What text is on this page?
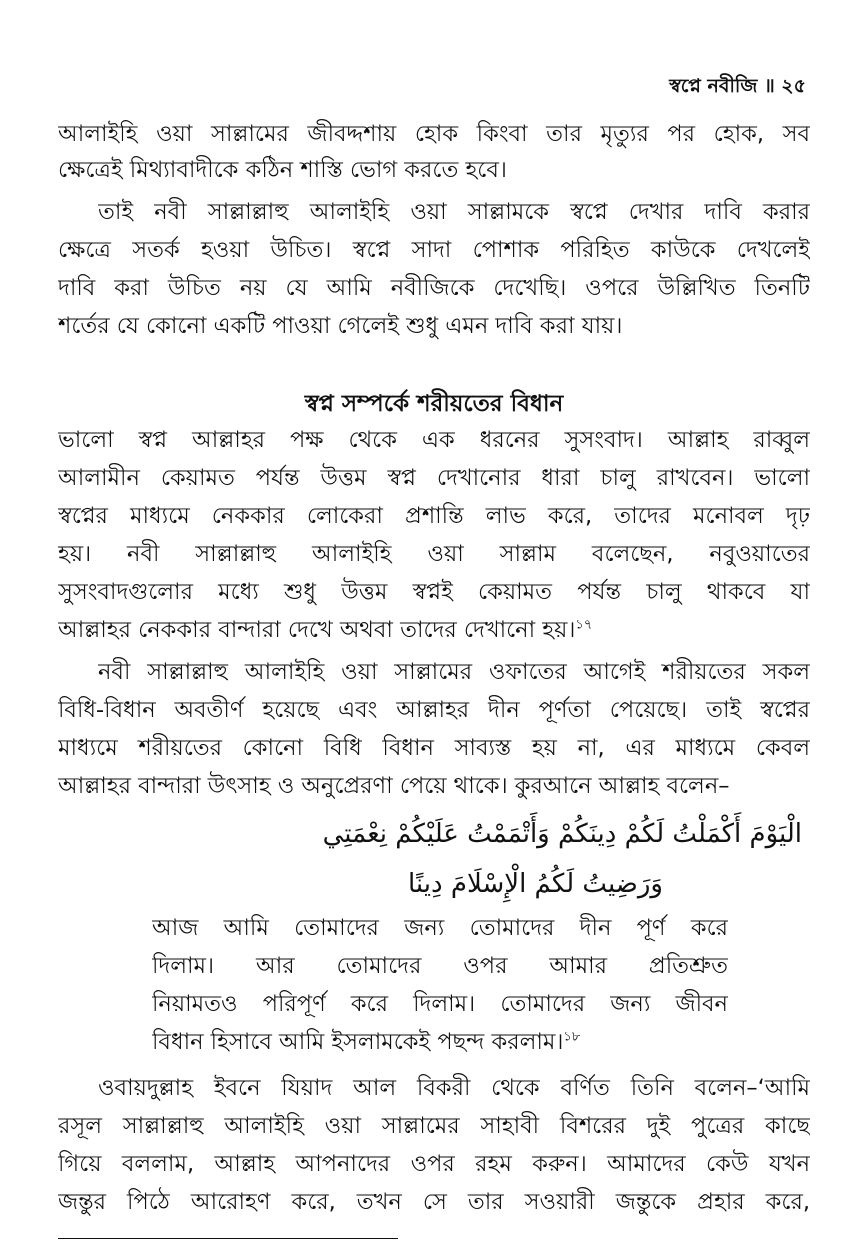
স্বপ্নে নবীজি ॥ ২৫
আলাইহি ওয়া সাল্লামের জীবদ্দশায় হোক কিংবা তার মৃত্যুর পর হোক, সব
ক্ষেত্রেই মিথ্যাবাদীকে কঠিন শাস্তি ভোগ করতে হবে।
তাই নবী সাল্লাল্লাহু আলাইহি ওয়া সাল্লামকে স্বপ্নে দেখার দাবি করার
ক্ষেত্রে সতর্ক হওয়া উচিত। স্বপ্নে সাদা পোশাক পরিহিত কাউকে দেখলেই
দাবি করা উচিত নয় যে আমি নবীজিকে দেখেছি। ওপরে উল্লিখিত তিনটি
শর্তের যে কোনো একটি পাওয়া গেলেই শুধু এমন দাবি করা যায়।
স্বপ্ন সম্পর্কে শরীয়তের বিধান
ভালো স্বপ্ন আল্লাহর পক্ষ থেকে এক ধরনের সুসংবাদ। আল্লাহ রাব্বুল
আলামীন কেয়ামত পর্যন্ত উত্তম স্বপ্ন দেখানোর ধারা চালু রাখবেন। ভালো
স্বপ্নের মাধ্যমে নেককার লোকেরা প্রশান্তি লাভ করে, তাদের মনোবল দৃঢ়
হয়। নবী সাল্লাল্লাহু আলাইহি ওয়া সাল্লাম বলেছেন, নবুওয়াতের
সুসংবাদগুলোর মধ্যে শুধু উত্তম স্বপ্নই কেয়ামত পর্যন্ত চালু থাকবে যা
আল্লাহর নেককার বান্দারা দেখে অথবা তাদের দেখানো হয়।$^{১৭}$
নবী সাল্লাল্লাহু আলাইহি ওয়া সাল্লামের ওফাতের আগেই শরীয়তের সকল
বিধি-বিধান অবতীর্ণ হয়েছে এবং আল্লাহর দীন পূর্ণতা পেয়েছে। তাই স্বপ্নের
মাধ্যমে শরীয়তের কোনো বিধি বিধান সাব্যস্ত হয় না, এর মাধ্যমে কেবল
আল্লাহর বান্দারা উৎসাহ ও অনুপ্রেরণা পেয়ে থাকে। কুরআনে আল্লাহ বলেন–
الْيَوْمَ أَكْمَلْتُ لَكُمْ دِينَكُمْ وَأَتْمَمْتُ عَلَيْكُمْ نِعْمَتِي
وَرَضِيتُ لَكُمُ الْإِسْلَامَ دِينًا
আজ আমি তোমাদের জন্য তোমাদের দীন পূর্ণ করে
দিলাম। আর তোমাদের ওপর আমার প্রতিশ্রুত
নিয়ামতও পরিপূর্ণ করে দিলাম। তোমাদের জন্য জীবন
বিধান হিসাবে আমি ইসলামকেই পছন্দ করলাম।$^{১৮}$
ওবায়দুল্লাহ ইবনে যিয়াদ আল বিকরী থেকে বর্ণিত তিনি বলেন–‘আমি
রসূল সাল্লাল্লাহু আলাইহি ওয়া সাল্লামের সাহাবী বিশরের দুই পুত্রের কাছে
গিয়ে বললাম, আল্লাহ আপনাদের ওপর রহম করুন। আমাদের কেউ যখন
জন্তুর পিঠে আরোহণ করে, তখন সে তার সওয়ারী জন্তুকে প্রহার করে,
